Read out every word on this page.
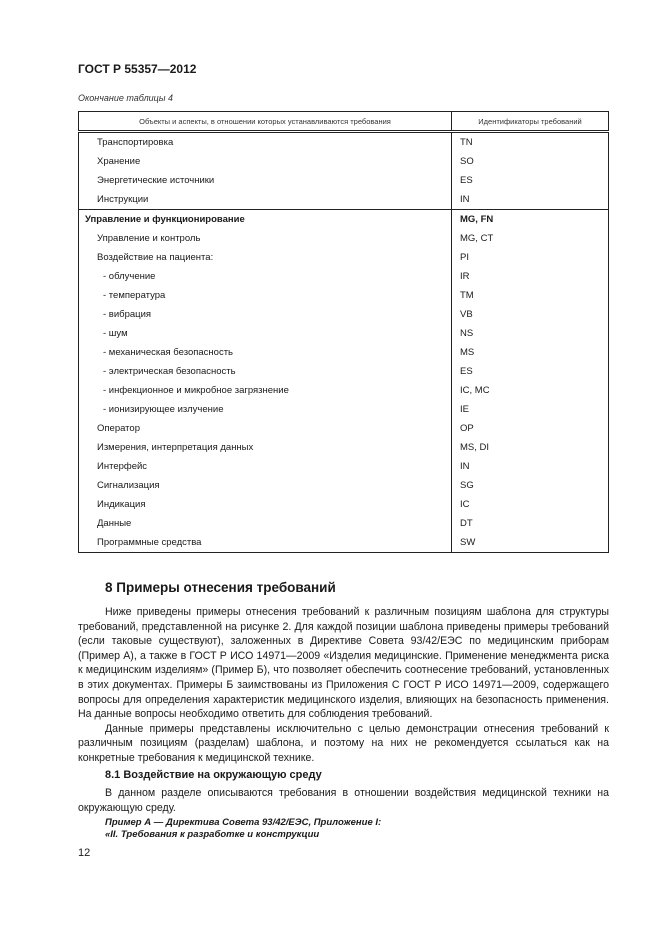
ГОСТ Р 55357—2012
Окончание таблицы 4
Объекты и аспекты, в отношении которых устанавливаются требования	Идентификаторы требований
Транспортировка	TN
Хранение	SO
Энергетические источники	ES
Инструкции	IN
Управление и функционирование	MG, FN
Управление и контроль	MG, CT
Воздействие на пациента:	PI
- облучение	IR
- температура	TM
- вибрация	VB
- шум	NS
- механическая безопасность	MS
- электрическая безопасность	ES
- инфекционное и микробное загрязнение	IC, MC
- ионизирующее излучение	IE
Оператор	OP
Измерения, интерпретация данных	MS, DI
Интерфейс	IN
Сигнализация	SG
Индикация	IC
Данные	DT
Программные средства	SW
8 Примеры отнесения требований

Ниже приведены примеры отнесения требований к различным позициям шаблона для структуры требований, представленной на рисунке 2. Для каждой позиции шаблона приведены примеры требований (если таковые существуют), заложенных в Директиве Совета 93/42/ЕЭС по медицинским приборам (Пример А), а также в ГОСТ Р ИСО 14971—2009 «Изделия медицинские. Применение менеджмента риска к медицинским изделиям» (Пример Б), что позволяет обеспечить соотнесение требований, установленных в этих документах. Примеры Б заимствованы из Приложения С ГОСТ Р ИСО 14971—2009, содержащего вопросы для определения характеристик медицинского изделия, влияющих на безопасность применения. На данные вопросы необходимо ответить для соблюдения требований.

Данные примеры представлены исключительно с целью демонстрации отнесения требований к различным позициям (разделам) шаблона, и поэтому на них не рекомендуется ссылаться как на конкретные требования к медицинской технике.

8.1 Воздействие на окружающую среду

В данном разделе описываются требования в отношении воздействия медицинской техники на окружающую среду.

Пример А — Директива Совета 93/42/ЕЭС, Приложение I:
«II. Требования к разработке и конструкции
12
